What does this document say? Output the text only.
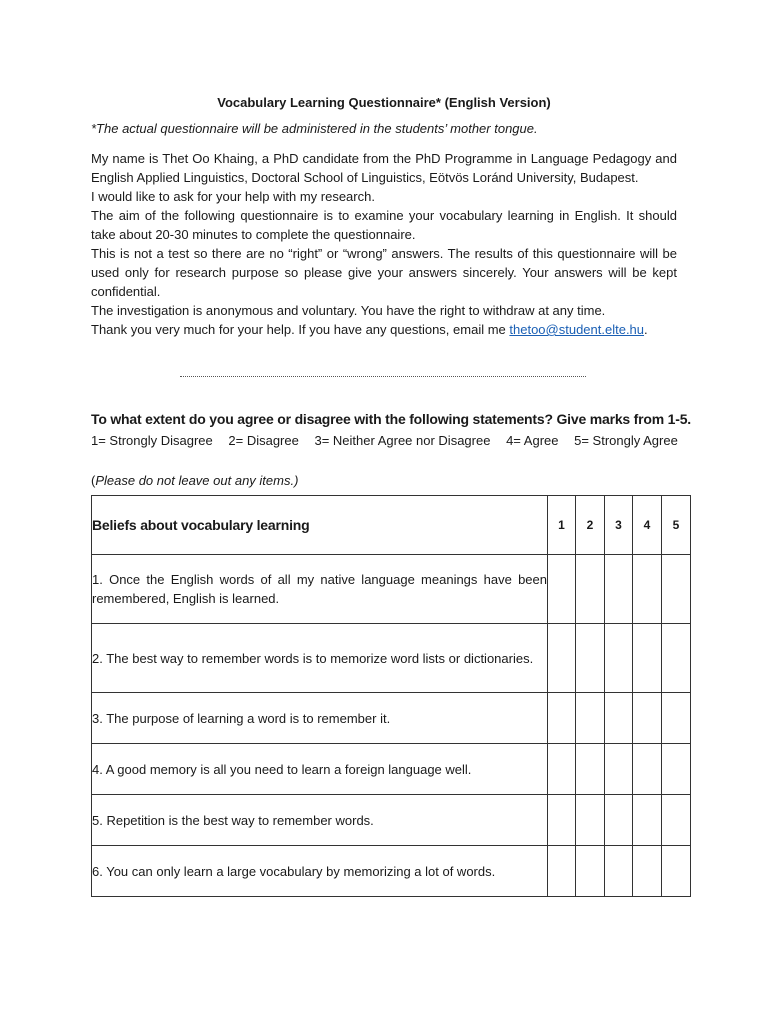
Vocabulary Learning Questionnaire* (English Version)
*The actual questionnaire will be administered in the students’ mother tongue.

My name is Thet Oo Khaing, a PhD candidate from the PhD Programme in Language Pedagogy and English Applied Linguistics, Doctoral School of Linguistics, Eötvös Loránd University, Budapest.

I would like to ask for your help with my research.

The aim of the following questionnaire is to examine your vocabulary learning in English. It should take about 20-30 minutes to complete the questionnaire.

This is not a test so there are no “right” or “wrong” answers. The results of this questionnaire will be used only for research purpose so please give your answers sincerely. Your answers will be kept confidential.

The investigation is anonymous and voluntary. You have the right to withdraw at any time.

Thank you very much for your help. If you have any questions, email me thetoo@student.elte.hu.

To what extent do you agree or disagree with the following statements? Give marks from 1-5.
1= Strongly Disagree 2= Disagree 3= Neither Agree nor Disagree 4= Agree 5= Strongly Agree
(Please do not leave out any items.)
Beliefs about vocabulary learning	1	2	3	4	5
1. Once the English words of all my native language meanings have been remembered, English is learned.					
2. The best way to remember words is to memorize word lists or dictionaries.					
3. The purpose of learning a word is to remember it.					
4. A good memory is all you need to learn a foreign language well.					
5. Repetition is the best way to remember words.					
6. You can only learn a large vocabulary by memorizing a lot of words.					
